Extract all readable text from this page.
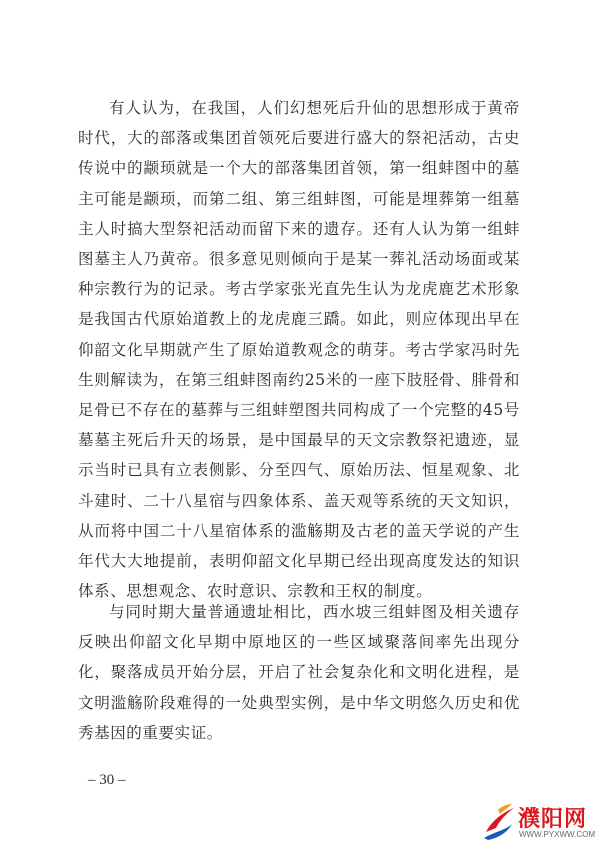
有人认为，在我国，人们幻想死后升仙的思想形成于黄帝时代，大的部落或集团首领死后要进行盛大的祭祀活动，古史传说中的颛顼就是一个大的部落集团首领，第一组蚌图中的墓主可能是颛顼，而第二组、第三组蚌图，可能是埋葬第一组墓主人时搞大型祭祀活动而留下来的遗存。还有人认为第一组蚌图墓主人乃黄帝。很多意见则倾向于是某一葬礼活动场面或某种宗教行为的记录。考古学家张光直先生认为龙虎鹿艺术形象是我国古代原始道教上的龙虎鹿三蹻。如此，则应体现出早在仰韶文化早期就产生了原始道教观念的萌芽。考古学家冯时先生则解读为，在第三组蚌图南约25米的一座下肢胫骨、腓骨和足骨已不存在的墓葬与三组蚌塑图共同构成了一个完整的45号墓墓主死后升天的场景，是中国最早的天文宗教祭祀遗迹，显示当时已具有立表侧影、分至四气、原始历法、恒星观象、北斗建时、二十八星宿与四象体系、盖天观等系统的天文知识，从而将中国二十八星宿体系的滥觞期及古老的盖天学说的产生年代大大地提前，表明仰韶文化早期已经出现高度发达的知识体系、思想观念、农时意识、宗教和王权的制度。

与同时期大量普通遗址相比，西水坡三组蚌图及相关遗存反映出仰韶文化早期中原地区的一些区域聚落间率先出现分化，聚落成员开始分层，开启了社会复杂化和文明化进程，是文明滥觞阶段难得的一处典型实例，是中华文明悠久历史和优秀基因的重要实证。

– 30 –
濮阳网
WWW.PYXWW.COM
